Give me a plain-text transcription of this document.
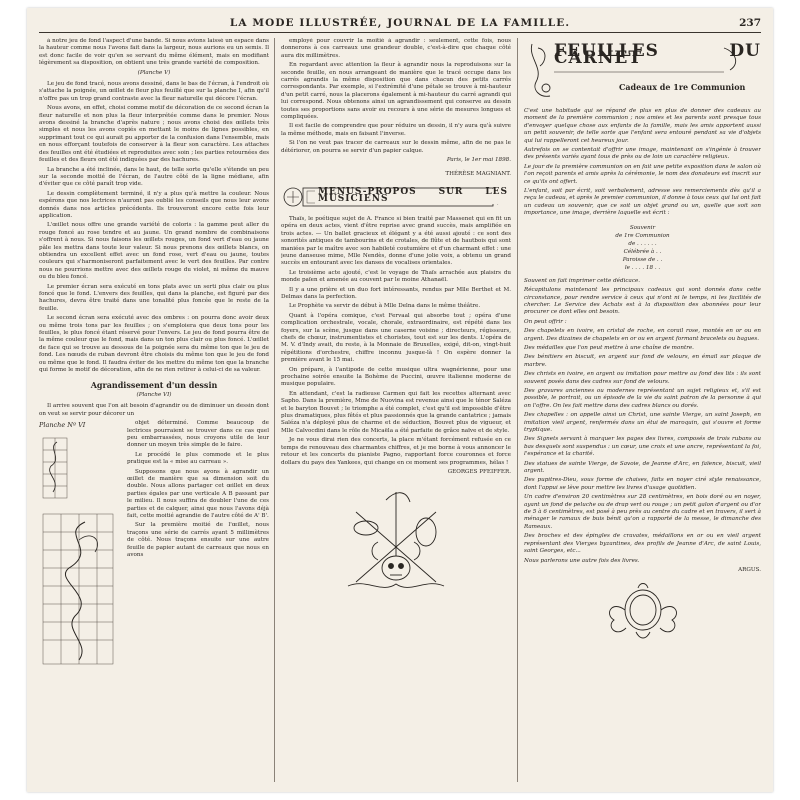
LA MODE ILLUSTRÉE, JOURNAL DE LA FAMILLE.	237

à notre jeu de fond l'aspect d'une bande. Si nous avions laissé un espace dans la hauteur comme nous l'avons fait dans la largeur, nous aurions eu un semis. Il est donc facile de voir qu'en se servant du même élément, mais en modifiant légèrement sa disposition, on obtient une très grande variété de composition.

(Planche V)

Le jeu de fond tracé, nous avons dessiné, dans le bas de l'écran, à l'endroit où s'attache la poignée, un œillet de fleur plus feuillé que sur la planche I, afin qu'il n'offre pas un trop grand contraste avec la fleur naturelle qui décore l'écran.

Nous avons, en effet, choisi comme motif de décoration de ce second écran la fleur naturelle et non plus la fleur interprétée comme dans le premier. Nous avons dessiné la branche d'après nature ; nous avons choisi des œillets très simples et nous les avons copiés en mettant le moins de lignes possibles, en supprimant tout ce qui aurait pu apporter de la confusion dans l'ensemble, mais en nous efforçant toutefois de conserver à la fleur son caractère. Les attaches des feuilles ont été étudiées et reproduites avec soin ; les parties retournées des feuilles et des fleurs ont été indiquées par des hachures.

La branche a été inclinée, dans le haut, de telle sorte qu'elle s'étende un peu sur la seconde moitié de l'écran, de l'autre côté de la ligne médiane, afin d'éviter que ce côté paraît trop vide.

Le dessin complètement terminé, il n'y a plus qu'à mettre la couleur. Nous espérons que nos lectrices n'auront pas oublié les conseils que nous leur avons donnés dans nos articles précédents. Ils trouveront encore cette fois leur application.

L'œillet nous offre une grande variété de coloris : la gamme peut aller du rouge foncé au rose tendre et au jaune. Un grand nombre de combinaisons s'offrent à nous. Si nous faisons les œillets rouges, un fond vert d'eau ou jaune pâle les mettra dans toute leur valeur. Si nous prenons des œillets blancs, on obtiendra un excellent effet avec un fond rose, vert d'eau ou jaune, toutes couleurs qui s'harmoniseront parfaitement avec le vert des feuilles. Par contre nous ne pourrions mettre avec des œillets rouge du violet, ni même du mauve ou du bleu foncé.

Le premier écran sera exécuté en tons plats avec un serti plus clair ou plus foncé que le fond. L'envers des feuilles, qui dans la planche, est figuré par des hachures, devra être traité dans une tonalité plus foncée que le reste de la feuille.

Le second écran sera exécuté avec des ombres : on pourra donc avoir deux ou même trois tons par les feuilles ; on s'emploiera que deux tons pour les feuilles, le plus foncé étant réservé pour l'envers. Le jeu de fond pourra être de la même couleur que le fond, mais dans un ton plus clair ou plus foncé. L'œillet de face qui se trouve au dessous de la poignée sera du même ton que le jeu de fond. Les nœuds de ruban devront être choisis du même ton que le jeu de fond ou même que le fond. Il faudra éviter de les mettre du même ton que la branche qui forme le motif de décoration, afin de ne rien retirer à celui-ci de sa valeur.

Agrandissement d'un dessin

(Planche VI)

Il arrive souvent que l'on ait besoin d'agrandir ou de diminuer un dessin dont on veut se servir pour décorer un

Planche Nº VI	objet déterminé. Comme beaucoup de lectrices pourraient se trouver dans ce cas quel peu embarrassées, nous croyons utile de leur donner un moyen très simple de le faire.

Le procédé le plus commode et le plus pratique est la « mise au carreau ».

Supposons que nous ayons à agrandir un œillet de manière que sa dimension soit du double. Nous allons partager cet œillet en deux parties égales par une verticale A B passant par le milieu. Il nous suffira de doubler l'une de ces parties et de calquer, ainsi que nous l'avons déjà fait, cette moitié agrandie de l'autre côté de A' B'.

Sur la première moitié de l'œillet, nous traçons une série de carrés ayant 5 millimètres de côté. Nous traçons ensuite sur une autre feuille de papier autant de carreaux que nous en avons

employé pour couvrir la moitié à agrandir : seulement, cette fois, nous donnerons à ces carreaux une grandeur double, c'est-à-dire que chaque côté aura dix millimètres.

En regardant avec attention la fleur à agrandir nous la reproduisons sur la seconde feuille, en nous arrangeant de manière que le tracé occupe dans les carrés agrandis la même disposition que dans chacun des petits carrés correspondants. Par exemple, si l'extrémité d'une pétale se trouve à mi-hauteur d'un petit carré, nous la placerons également à mi-hauteur du carré agrandi qui lui correspond. Nous obtenons ainsi un agrandissement qui conserve au dessin toutes ses proportions sans avoir eu recours à une série de mesures longues et compliquées.

Il est facile de comprendre que pour réduire un dessin, il n'y aura qu'à suivre la même méthode, mais en faisant l'inverse.

Si l'on ne veut pas tracer de carreaux sur le dessin même, afin de ne pas le détériorer, on pourra se servir d'un papier calque.

Paris, le 1er mai 1898.

THÉRÈSE MAGNIANT.

MENUS-PROPOS SUR LES MUSICIENS

Thaïs, le poétique sujet de A. France si bien traité par Massenet qui en fit un opéra en deux actes, vient d'être reprise avec grand succès, mais amplifiée en trois actes. — Un ballet gracieux et élégant y a été aussi ajouté : ce sont des sonorités antiques de tambourins et de crotales, de flûte et de hautbois qui sont maniées par le maître avec son habileté coutumière et d'un charmant effet : une jeune danseuse mime, Mlle Nendès, donne d'une jolie voix, a obtenu un grand succès en entourant avec les danses de vocalises orientales.

Le troisième acte ajouté, c'est le voyage de Thaïs arrachée aux plaisirs du monde païen et amenée au couvent par le moine Athanaël.

Il y a une prière et un duo fort intéressants, rendus par Mlle Berthet et M. Delmas dans la perfection.

Le Prophète va servir de début à Mlle Delna dans le même théâtre.

Quant à l'opéra comique, c'est Fervaal qui absorbe tout ; opéra d'une complication orchestrale, vocale, chorale, extraordinaire, est répété dans les foyers, sur la scène, jusque dans une caserne voisine ; directeurs, régisseurs, chefs de chœur, instrumentistes et choristes, tout est sur les dents. L'opéra de M. V. d'Indy avait, du reste, à la Monnaie de Bruxelles, exigé, dit-on, vingt-huit répétitions d'orchestre, chiffre inconnu jusque-là ! On espère donner la première avant le 15 mai.

On prépare, à l'antipode de cette musique ultra wagnérienne, pour une prochaine soirée ensuite la Bohème de Puccini, œuvre italienne moderne de musique populaire.

En attendant, c'est la radieuse Carmen qui fait les recettes alternant avec Sapho. Dans la première, Mme de Nuovina est revenue ainsi que le ténor Saléza et le baryton Bouvet ; le triomphe a été complet, c'est qu'il est impossible d'être plus dramatiques, plus fêtés et plus passionnés que la grande cantatrice ; jamais Saléza n'a déployé plus de charme et de séduction, Bouvet plus de vigueur, et Mlle Calvocdini dans le rôle de Micaëla a été parfaite de grâce naïve et de style.

Je ne vous dirai rien des concerts, la place m'étant forcément refusée en ce temps de renouveau des charmantes chiffres, et je me borne à vous annoncer le retour et les concerts du pianiste Pagno, rapportant force couronnes et force dollars du pays des Yankees, qui change en ce moment ses programmes, hélas !

GEORGES PFEIFFER.

FEUILLES DU CARNET
Cadeaux de 1re Communion

C'est une habitude qui se répand de plus en plus de donner des cadeaux au moment de la première communion ; nos amies et les parents sont presque tous d'envoyer quelque chose aux enfants de la famille, mais les amis apportent aussi un petit souvenir, de telle sorte que l'enfant sera entouré pendant sa vie d'objets qui lui rappelleront cet heureux jour.

Autrefois on se contentait d'offrir une image, maintenant on s'ingénie à trouver des présents variés ayant tous de près ou de loin un caractère religieux.

Le jour de la première communion on en fait une petite exposition dans le salon où l'on reçoit parents et amis après la cérémonie, le nom des donateurs est inscrit sur ce qu'ils ont offert.

L'enfant, soit par écrit, soit verbalement, adresse ses remerciements dès qu'il a reçu le cadeau, et après le premier communion, il donne à tous ceux qui lui ont fait un cadeau un souvenir, que ce soit un objet grand ou un, quelle que soit son importance, une image, derrière laquelle est écrit :

Souvenir
de 1re Communion
de . . . . . .
Célébrée à . .
Paroisse de . .
le . . . . 18 . .

Souvent on fait imprimer cette dédicace.

Récapitulons maintenant les principaux cadeaux qui sont donnés dans cette circonstance, pour rendre service à ceux qui n'ont ni le temps, ni les facilités de chercher. Le Service des Achats est à la disposition des abonnées pour leur procurer ce dont elles ont besoin.

On peut offrir :

Des chapelets en ivoire, en cristal de roche, en corail rose, montés en or ou en argent. Des dizaines de chapelets en or ou en argent formant bracelets ou bagues.

Des médailles que l'on peut mettre à une chaîne de montre.

Des bénitiers en biscuit, en argent sur fond de velours, en émail sur plaque de marbre.

Des christs en ivoire, en argent ou imitation pour mettre au fond des lits : ils sont souvent posés dans des cadres sur fond de velours.

Des gravures anciennes ou modernes représentant un sujet religieux et, s'il est possible, le portrait, ou un épisode de la vie du saint patron de la personne à qui on l'offre. On les fait mettre dans des cadres blancs ou dorés.

Des chapelles : on appelle ainsi un Christ, une sainte Vierge, un saint Joseph, en imitation vieil argent, renfermés dans un étui de maroquin, qui s'ouvre et forme tryptique.

Des Signets servant à marquer les pages des livres, composés de trois rubans ou bas desquels sont suspendus : un cœur, une croix et une ancre, représentant la foi, l'espérance et la charité.

Des statues de sainte Vierge, de Savoie, de Jeanne d'Arc, en faïence, biscuit, vieil argent.

Des pupitres-Dieu, sous forme de chaises, faits en noyer ciré style renaissance, dont l'appui se lève pour mettre les livres d'usage quotidien.

Un cadre d'environ 20 centimètres sur 28 centimètres, en bois doré ou en noyer, ayant un fond de peluche ou de drap vert ou rouge ; un petit galon d'argent ou d'or de 5 à 6 centimètres, est posé à peu près au centre du cadre et en travers, il sert à ménager le ramaux de buis bénit qu'on a rapporté de la messe, le dimanche des Rameaux.

Des broches et des épingles de cravates, médaillons en or ou en vieil argent représentant des Vierges byzantines, des profils de Jeanne d'Arc, de saint Louis, saint Georges, etc...

Nous parlerons une autre fois des livres.

ARGUS.
